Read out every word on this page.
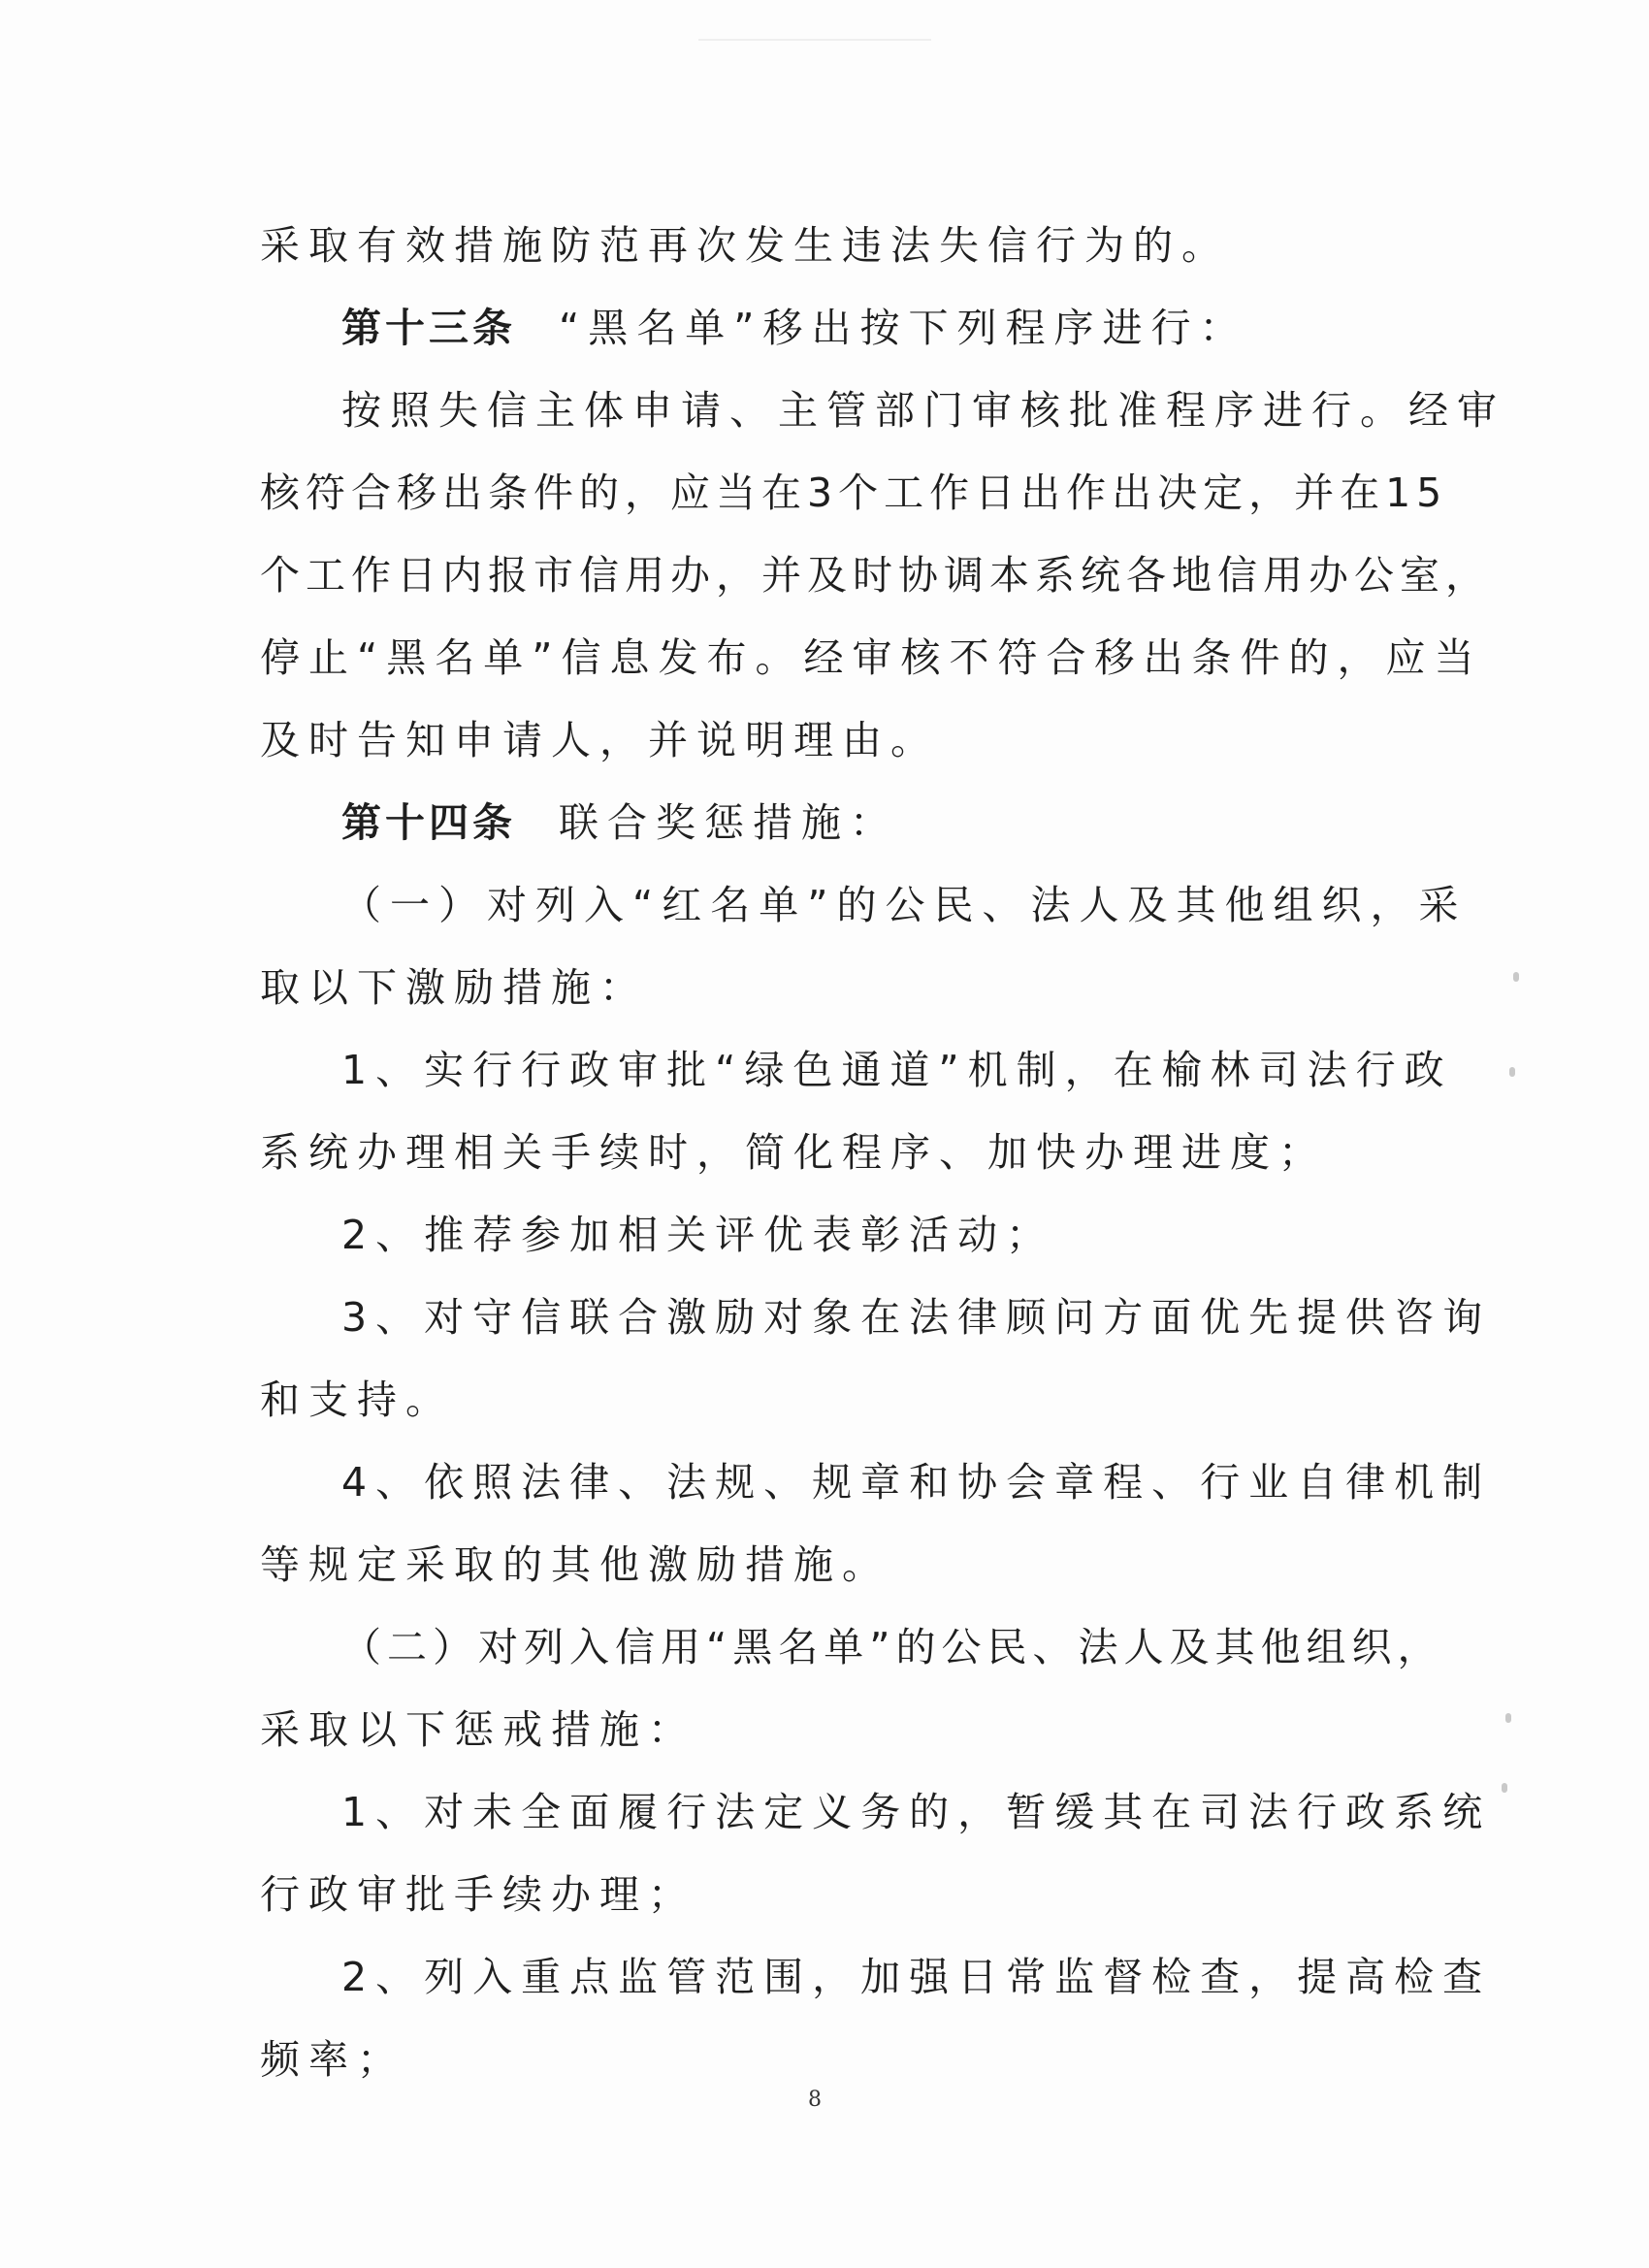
采取有效措施防范再次发生违法失信行为的。
第十三条 “黑名单”移出按下列程序进行：
按照失信主体申请、主管部门审核批准程序进行。经审
核符合移出条件的，应当在3个工作日出作出决定，并在15
个工作日内报市信用办，并及时协调本系统各地信用办公室，
停止“黑名单”信息发布。经审核不符合移出条件的，应当
及时告知申请人，并说明理由。
第十四条 联合奖惩措施：
（一）对列入“红名单”的公民、法人及其他组织，采
取以下激励措施：
1、实行行政审批“绿色通道”机制，在榆林司法行政
系统办理相关手续时，简化程序、加快办理进度；
2、推荐参加相关评优表彰活动；
3、对守信联合激励对象在法律顾问方面优先提供咨询
和支持。
4、依照法律、法规、规章和协会章程、行业自律机制
等规定采取的其他激励措施。
（二）对列入信用“黑名单”的公民、法人及其他组织，
采取以下惩戒措施：
1、对未全面履行法定义务的，暂缓其在司法行政系统
行政审批手续办理；
2、列入重点监管范围，加强日常监督检查，提高检查
频率；
8
